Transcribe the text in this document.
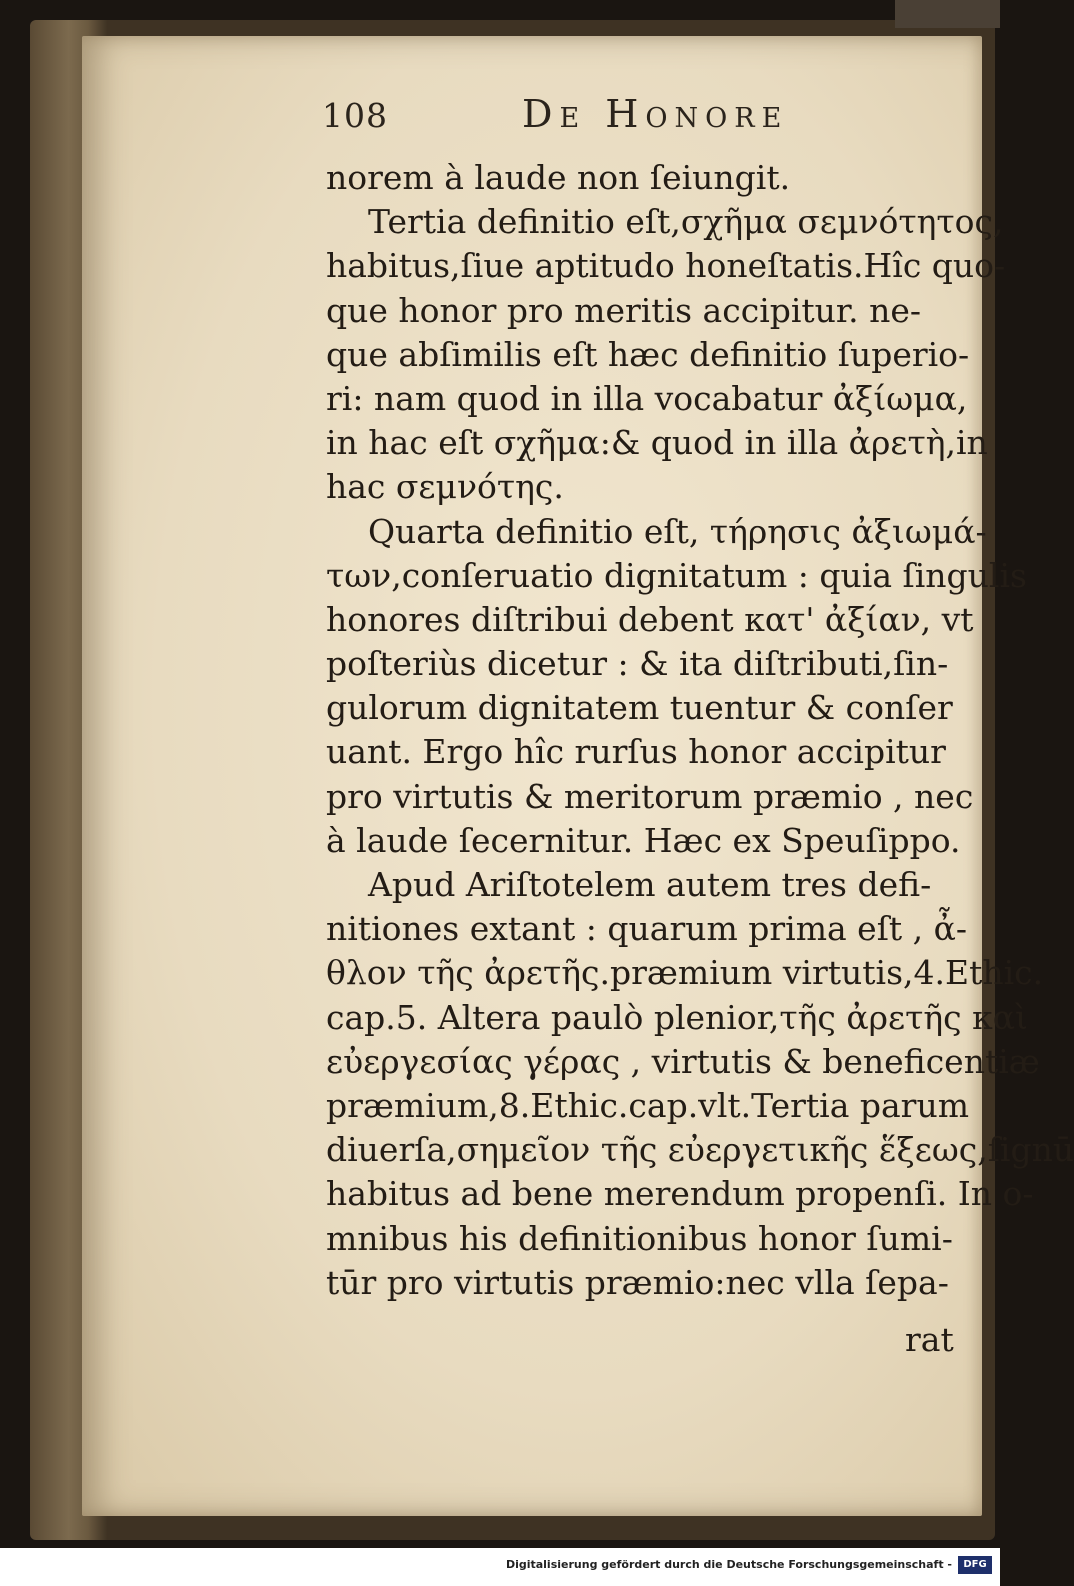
108	De Honore
norem à laude non ſeiungit.
Tertia definitio eſt,σχῆμα σεμνότητος,
habitus,ſiue aptitudo honeſtatis.Hîc quo-
que honor pro meritis accipitur. ne-
que abſimilis eſt hæc definitio ſuperio-
ri: nam quod in illa vocabatur ἀξίωμα,
in hac eſt σχῆμα:& quod in illa ἀρετὴ,in
hac σεμνότης.
Quarta definitio eſt, τήρησις ἀξιωμά-
των,conſeruatio dignitatum : quia ſingulis
honores diſtribui debent κατ' ἀξίαν, vt
poſteriùs dicetur : & ita diſtributi,ſin-
gulorum dignitatem tuentur & conſer
uant. Ergo hîc rurſus honor accipitur
pro virtutis & meritorum præmio , nec
à laude ſecernitur. Hæc ex Speuſippo.
Apud Ariſtotelem autem tres defi-
nitiones extant : quarum prima eſt , ἆ-
θλον τῆς ἀρετῆς.præmium virtutis,4.Ethic.
cap.5. Altera paulò plenior,τῆς ἀρετῆς καὶ
εὐεργεσίας γέρας , virtutis & beneficentiæ
præmium,8.Ethic.cap.vlt.Tertia parum
diuerſa,σημεῖον τῆς εὐεργετικῆς ἕξεως,ſignū
habitus ad bene merendum propenſi. In o-
mnibus his definitionibus honor ſumi-
tūr pro virtutis præmio:nec vlla ſepa-
rat
Digitalisierung gefördert durch die Deutsche Forschungsgemeinschaft -	DFG
